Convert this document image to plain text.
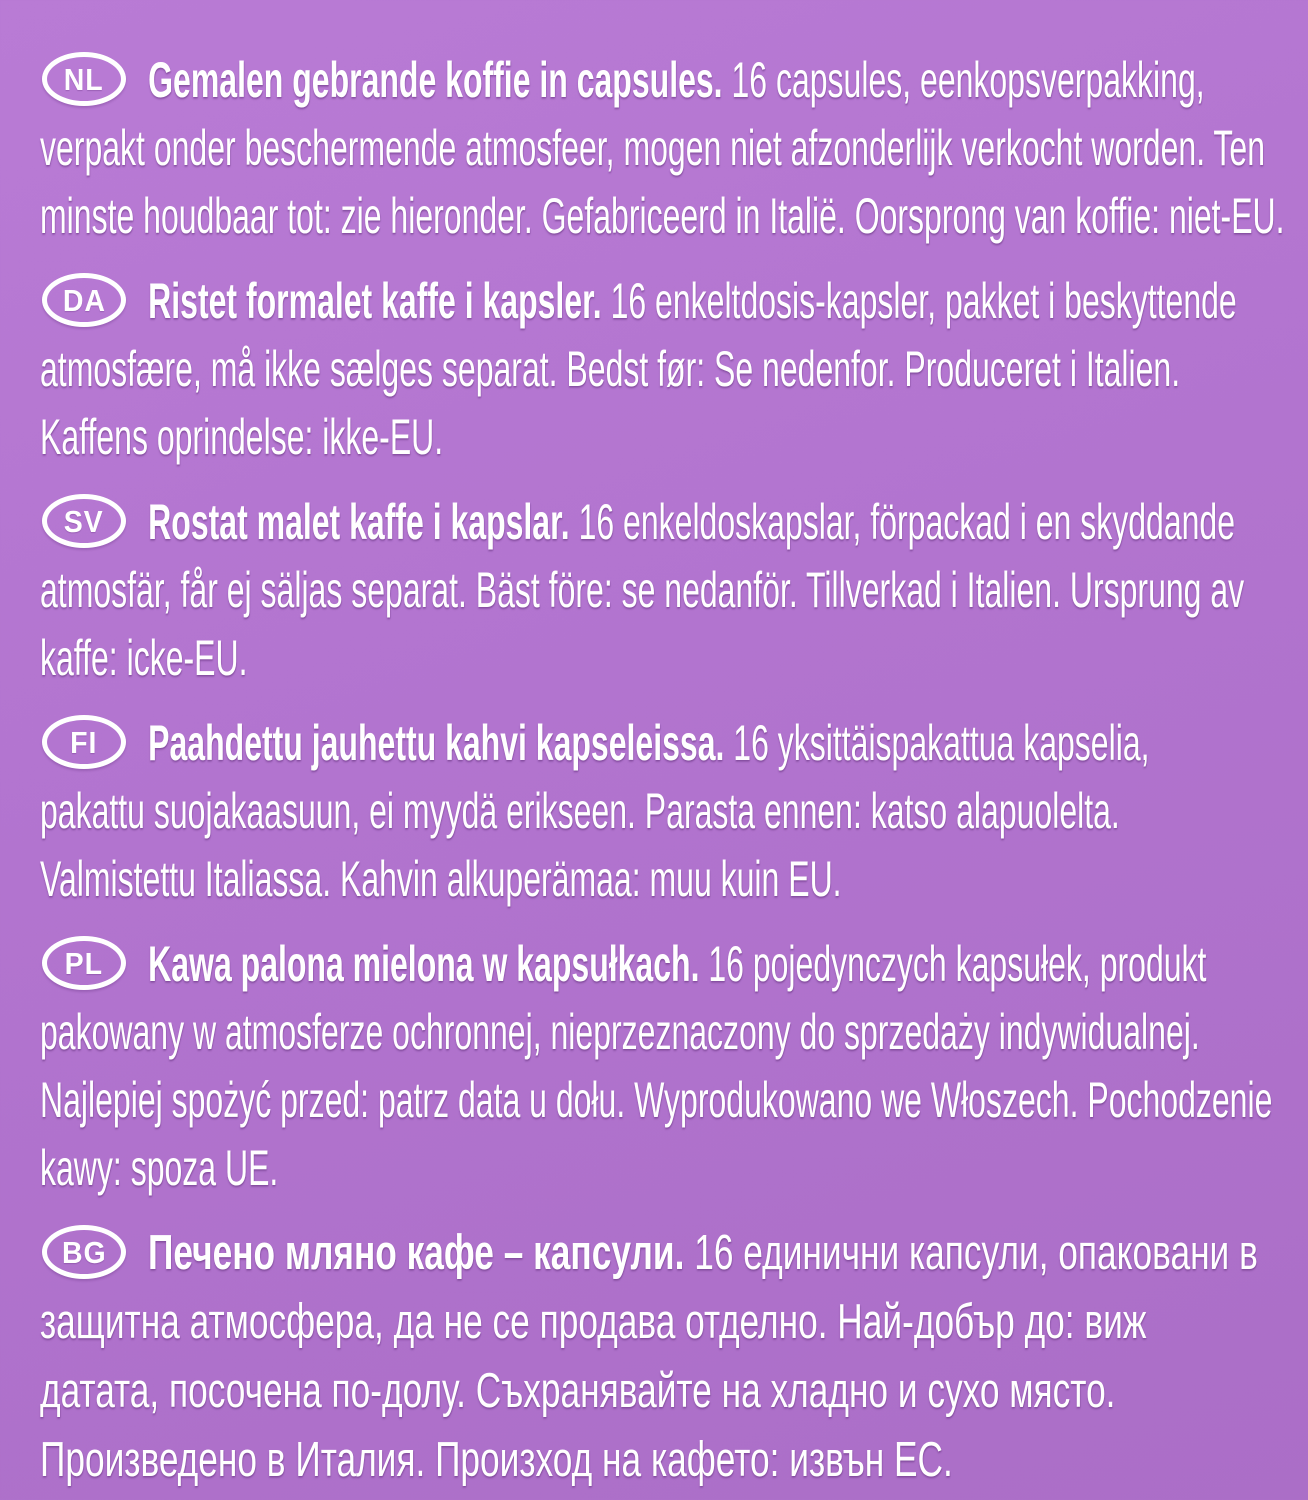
NL Gemalen gebrande koffie in capsules. 16 capsules, eenkopsverpakking,
verpakt onder beschermende atmosfeer, mogen niet afzonderlijk verkocht worden. Ten
minste houdbaar tot: zie hieronder. Gefabriceerd in Italië. Oorsprong van koffie: niet-EU.
DA Ristet formalet kaffe i kapsler. 16 enkeltdosis-kapsler, pakket i beskyttende
atmosfære, må ikke sælges separat. Bedst før: Se nedenfor. Produceret i Italien.
Kaffens oprindelse: ikke-EU.
SV Rostat malet kaffe i kapslar. 16 enkeldoskapslar, förpackad i en skyddande
atmosfär, får ej säljas separat. Bäst före: se nedanför. Tillverkad i Italien. Ursprung av
kaffe: icke-EU.
FI	Paahdettu jauhettu kahvi kapseleissa. 16 yksittäispakattua kapselia,
pakattu suojakaasuun, ei myydä erikseen. Parasta ennen: katso alapuolelta.
Valmistettu Italiassa. Kahvin alkuperämaa: muu kuin EU.
PL Kawa palona mielona w kapsułkach. 16 pojedynczych kapsułek, produkt
pakowany w atmosferze ochronnej, nieprzeznaczony do sprzedaży indywidualnej.
Najlepiej spożyć przed: patrz data u dołu. Wyprodukowano we Włoszech. Pochodzenie
kawy: spoza UE.
BG Печено мляно кафе – капсули. 16 единични капсули, опаковани в
защитна атмосфера, да не се продава отделно. Най-добър до: виж
датата, посочена по-долу. Съхранявайте на хладно и сухо място.
Произведено в Италия. Произход на кафето: извън ЕС.
